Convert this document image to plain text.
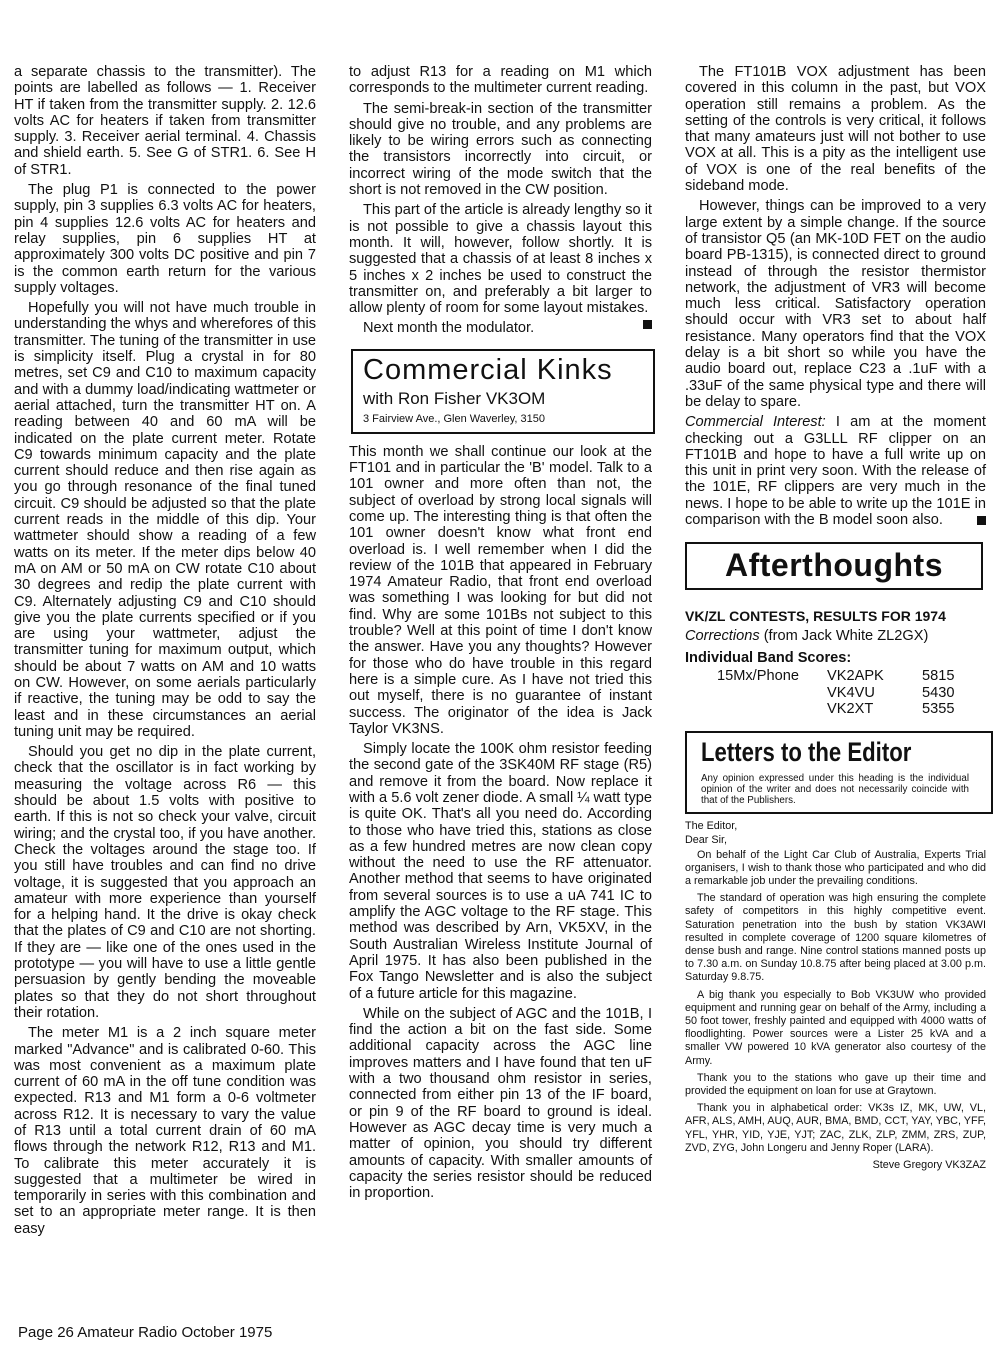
a separate chassis to the transmitter). The points are labelled as follows — 1. Receiver HT if taken from the transmitter supply. 2. 12.6 volts AC for heaters if taken from transmitter supply. 3. Receiver aerial terminal. 4. Chassis and shield earth. 5. See G of STR1. 6. See H of STR1.

The plug P1 is connected to the power supply, pin 3 supplies 6.3 volts AC for heaters, pin 4 supplies 12.6 volts AC for heaters and relay supplies, pin 6 supplies HT at approximately 300 volts DC positive and pin 7 is the common earth return for the various supply voltages.

Hopefully you will not have much trouble in understanding the whys and wherefores of this transmitter. The tuning of the transmitter in use is simplicity itself. Plug a crystal in for 80 metres, set C9 and C10 to maximum capacity and with a dummy load/indicating wattmeter or aerial attached, turn the transmitter HT on. A reading between 40 and 60 mA will be indicated on the plate current meter. Rotate C9 towards minimum capacity and the plate current should reduce and then rise again as you go through resonance of the final tuned circuit. C9 should be adjusted so that the plate current reads in the middle of this dip. Your wattmeter should show a reading of a few watts on its meter. If the meter dips below 40 mA on AM or 50 mA on CW rotate C10 about 30 degrees and redip the plate current with C9. Alternately adjusting C9 and C10 should give you the plate currents specified or if you are using your wattmeter, adjust the transmitter tuning for maximum output, which should be about 7 watts on AM and 10 watts on CW. However, on some aerials particularly if reactive, the tuning may be odd to say the least and in these circumstances an aerial tuning unit may be required.

Should you get no dip in the plate current, check that the oscillator is in fact working by measuring the voltage across R6 — this should be about 1.5 volts with positive to earth. If this is not so check your valve, circuit wiring; and the crystal too, if you have another. Check the voltages around the stage too. If you still have troubles and can find no drive voltage, it is suggested that you approach an amateur with more experience than yourself for a helping hand. It the drive is okay check that the plates of C9 and C10 are not shorting. If they are — like one of the ones used in the prototype — you will have to use a little gentle persuasion by gently bending the moveable plates so that they do not short throughout their rotation.

The meter M1 is a 2 inch square meter marked "Advance" and is calibrated 0-60. This was most convenient as a maximum plate current of 60 mA in the off tune condition was expected. R13 and M1 form a 0-6 voltmeter across R12. It is necessary to vary the value of R13 until a total current drain of 60 mA flows through the network R12, R13 and M1. To calibrate this meter accurately it is suggested that a multimeter be wired in temporarily in series with this combination and set to an appropriate meter range. It is then easy

to adjust R13 for a reading on M1 which corresponds to the multimeter current reading.

The semi-break-in section of the transmitter should give no trouble, and any problems are likely to be wiring errors such as connecting the transistors incorrectly into circuit, or incorrect wiring of the mode switch that the short is not removed in the CW position.

This part of the article is already lengthy so it is not possible to give a chassis layout this month. It will, however, follow shortly. It is suggested that a chassis of at least 8 inches x 5 inches x 2 inches be used to construct the transmitter on, and preferably a bit larger to allow plenty of room for some layout mistakes.

Next month the modulator.

Commercial Kinks
with Ron Fisher VK3OM
3 Fairview Ave., Glen Waverley, 3150

This month we shall continue our look at the FT101 and in particular the 'B' model. Talk to a 101 owner and more often than not, the subject of overload by strong local signals will come up. The interesting thing is that often the 101 owner doesn't know what front end overload is. I well remember when I did the review of the 101B that appeared in February 1974 Amateur Radio, that front end overload was something I was looking for but did not find. Why are some 101Bs not subject to this trouble? Well at this point of time I don't know the answer. Have you any thoughts? However for those who do have trouble in this regard here is a simple cure. As I have not tried this out myself, there is no guarantee of instant success. The originator of the idea is Jack Taylor VK3NS.

Simply locate the 100K ohm resistor feeding the second gate of the 3SK40M RF stage (R5) and remove it from the board. Now replace it with a 5.6 volt zener diode. A small ¼ watt type is quite OK. That's all you need do. According to those who have tried this, stations as close as a few hundred metres are now clean copy without the need to use the RF attenuator. Another method that seems to have originated from several sources is to use a uA 741 IC to amplify the AGC voltage to the RF stage. This method was described by Arn, VK5XV, in the South Australian Wireless Institute Journal of April 1975. It has also been published in the Fox Tango Newsletter and is also the subject of a future article for this magazine.

While on the subject of AGC and the 101B, I find the action a bit on the fast side. Some additional capacity across the AGC line improves matters and I have found that ten uF with a two thousand ohm resistor in series, connected from either pin 13 of the IF board, or pin 9 of the RF board to ground is ideal. However as AGC decay time is very much a matter of opinion, you should try different amounts of capacity. With smaller amounts of capacity the series resistor should be reduced in proportion.

The FT101B VOX adjustment has been covered in this column in the past, but VOX operation still remains a problem. As the setting of the controls is very critical, it follows that many amateurs just will not bother to use VOX at all. This is a pity as the intelligent use of VOX is one of the real benefits of the sideband mode.

However, things can be improved to a very large extent by a simple change. If the source of transistor Q5 (an MK-10D FET on the audio board PB-1315), is connected direct to ground instead of through the resistor thermistor network, the adjustment of VR3 will become much less critical. Satisfactory operation should occur with VR3 set to about half resistance. Many operators find that the VOX delay is a bit short so while you have the audio board out, replace C23 a .1uF with a .33uF of the same physical type and there will be delay to spare.

Commercial Interest: I am at the moment checking out a G3LLL RF clipper on an FT101B and hope to have a full write up on this unit in print very soon. With the release of the 101E, RF clippers are very much in the news. I hope to be able to write up the 101E in comparison with the B model soon also.

Afterthoughts
VK/ZL CONTESTS, RESULTS FOR 1974
Corrections (from Jack White ZL2GX)
Individual Band Scores:
15Mx/Phone	VK2APK	5815
VK4VU	5430
VK2XT	5355
Letters to the Editor
Any opinion expressed under this heading is the individual opinion of the writer and does not necessarily coincide with that of the Publishers.

The Editor,

Dear Sir,

On behalf of the Light Car Club of Australia, Experts Trial organisers, I wish to thank those who participated and who did a remarkable job under the prevailing conditions.

The standard of operation was high ensuring the complete safety of competitors in this highly competitive event. Saturation penetration into the bush by station VK3AWI resulted in complete coverage of 1200 square kilometres of dense bush and range. Nine control stations manned posts up to 7.30 a.m. on Sunday 10.8.75 after being placed at 3.00 p.m. Saturday 9.8.75.

A big thank you especially to Bob VK3UW who provided equipment and running gear on behalf of the Army, including a 50 foot tower, freshly painted and equipped with 4000 watts of floodlighting. Power sources were a Lister 25 kVA and a smaller VW powered 10 kVA generator also courtesy of the Army.

Thank you to the stations who gave up their time and provided the equipment on loan for use at Graytown.

Thank you in alphabetical order: VK3s IZ, MK, UW, VL, AFR, ALS, AMH, AUQ, AUR, BMA, BMD, CCT, YAY, YBC, YFF, YFL, YHR, YID, YJE, YJT; ZAC, ZLK, ZLP, ZMM, ZRS, ZUP, ZVD, ZYG, John Longeru and Jenny Roper (LARA).

Steve Gregory VK3ZAZ
Page 26 Amateur Radio October 1975
